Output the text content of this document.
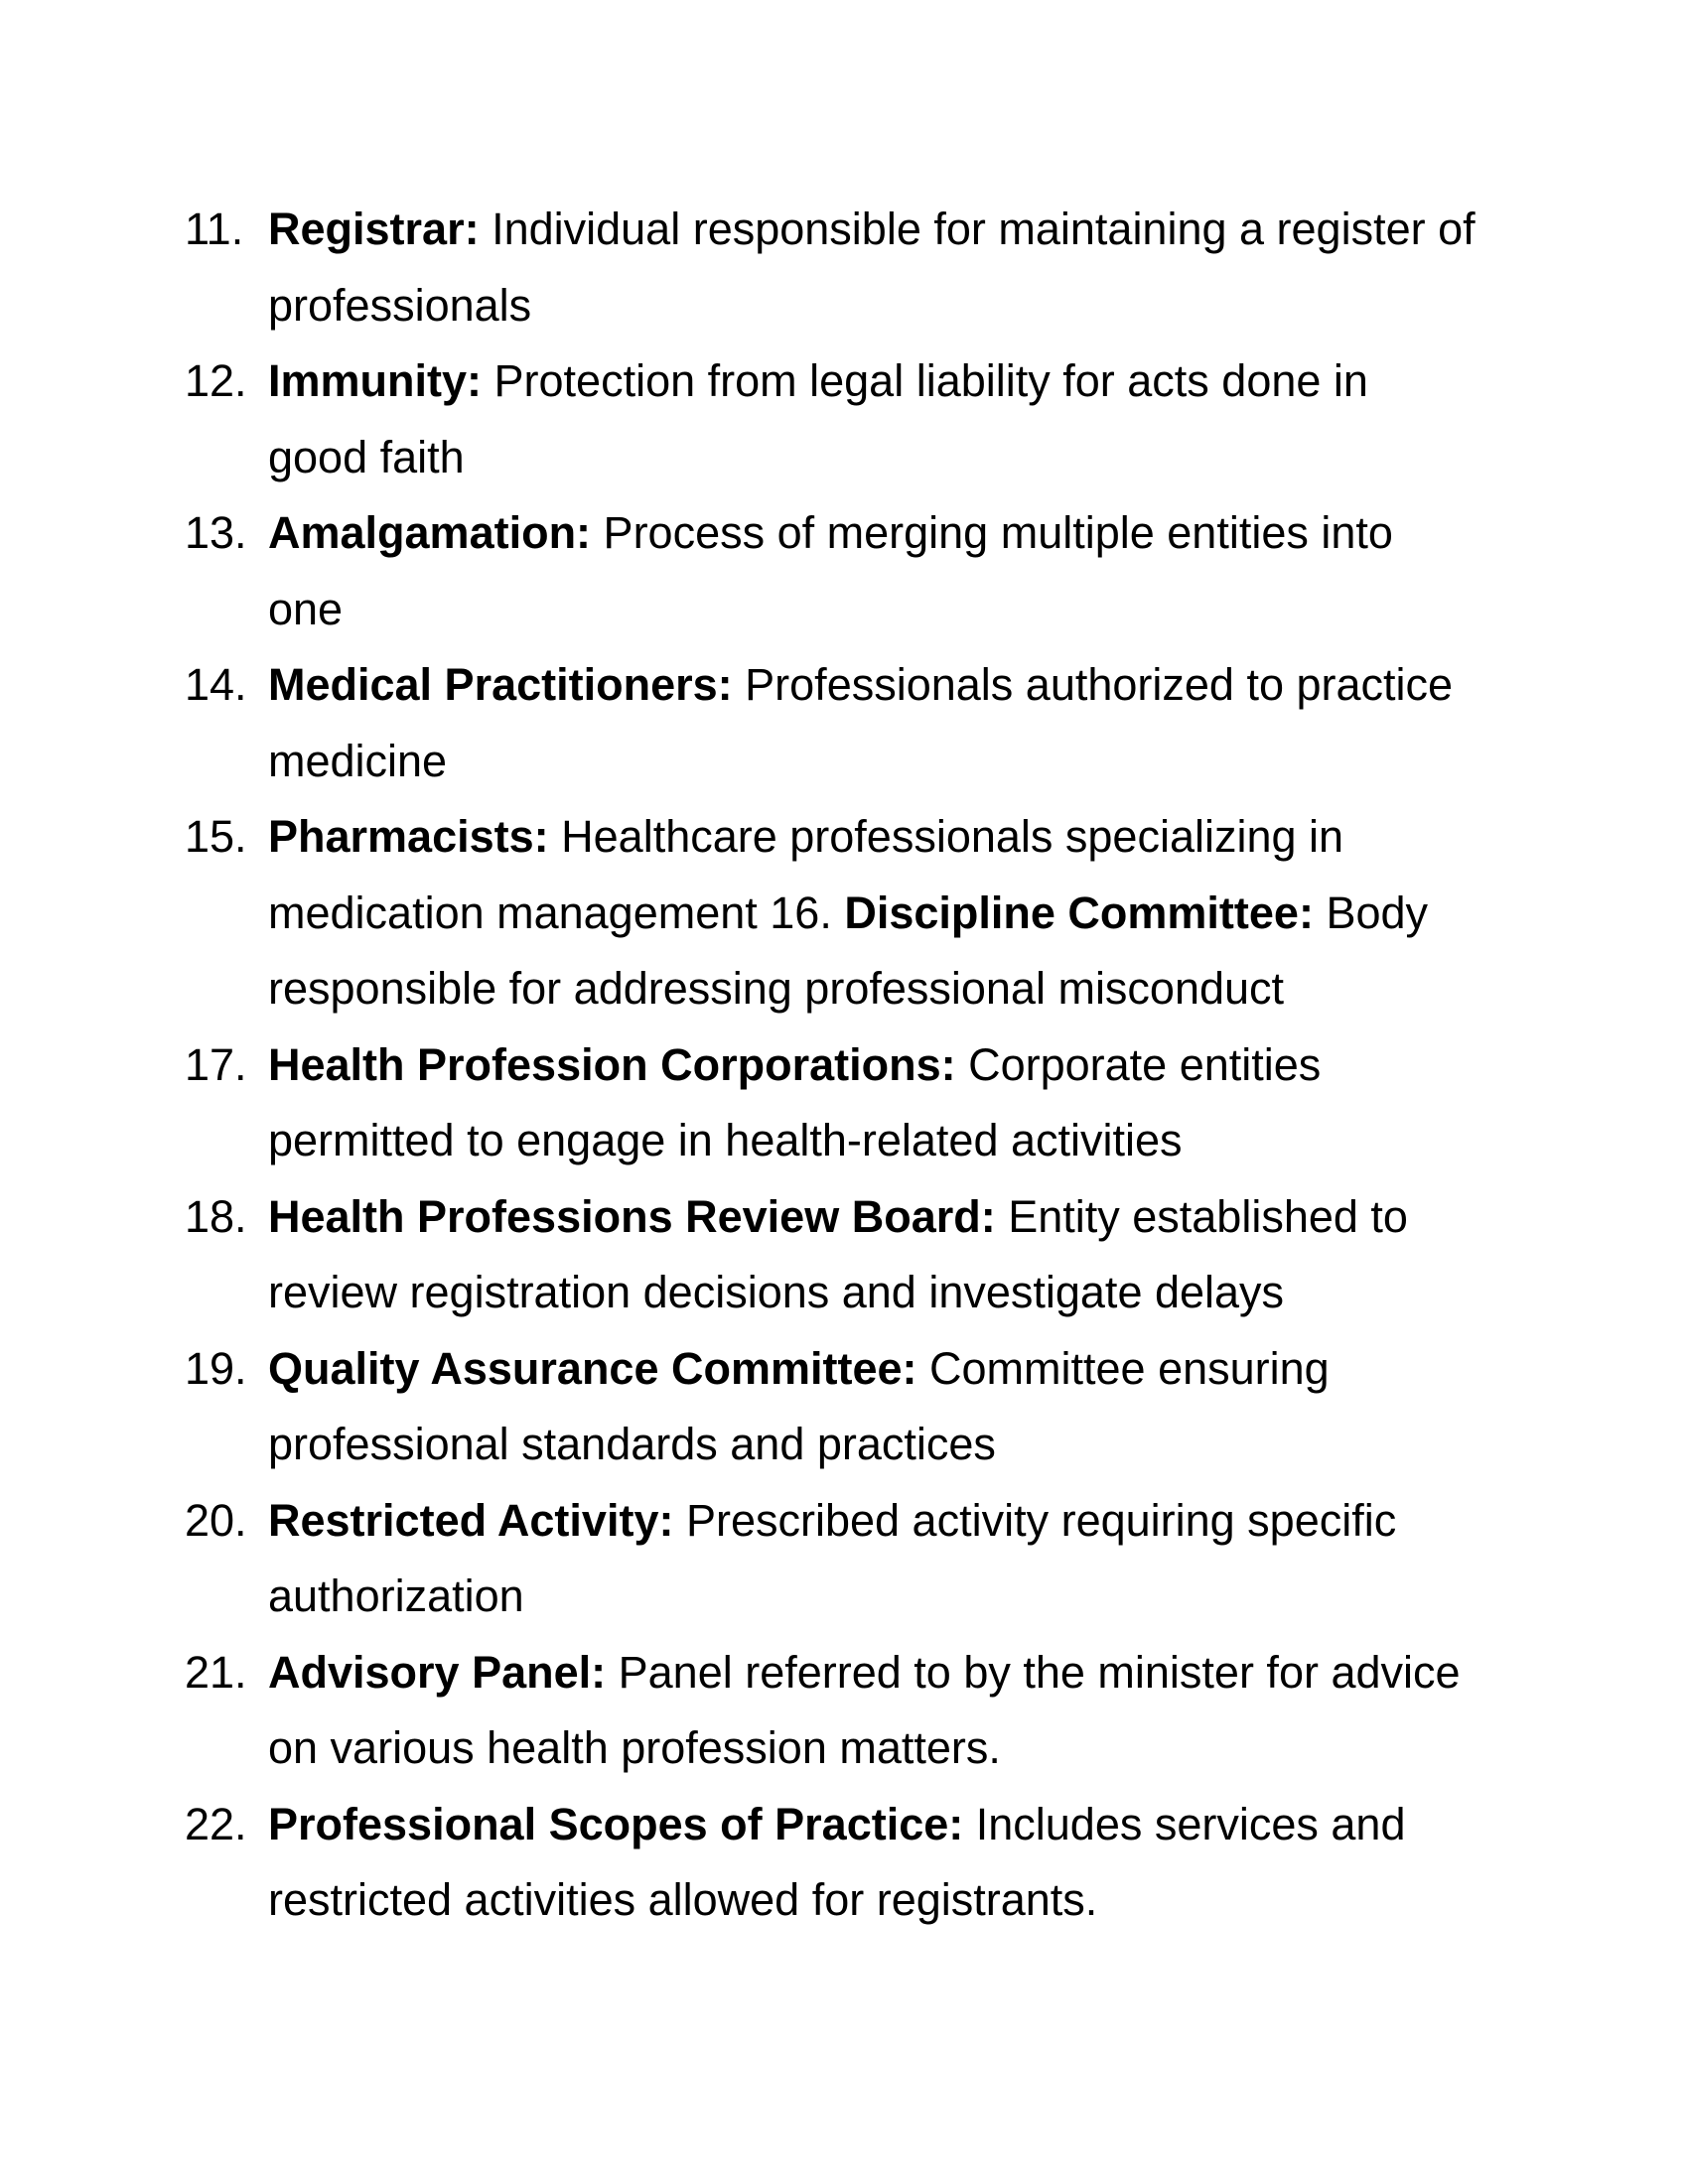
11. Registrar: Individual responsible for maintaining a register of professionals
12. Immunity: Protection from legal liability for acts done in good faith
13. Amalgamation: Process of merging multiple entities into one
14. Medical Practitioners: Professionals authorized to practice medicine
15. Pharmacists: Healthcare professionals specializing in medication management 16. Discipline Committee: Body responsible for addressing professional misconduct
17. Health Profession Corporations: Corporate entities permitted to engage in health-related activities
18. Health Professions Review Board: Entity established to review registration decisions and investigate delays
19. Quality Assurance Committee: Committee ensuring professional standards and practices
20. Restricted Activity: Prescribed activity requiring specific authorization
21. Advisory Panel: Panel referred to by the minister for advice on various health profession matters.
22. Professional Scopes of Practice: Includes services and restricted activities allowed for registrants.
